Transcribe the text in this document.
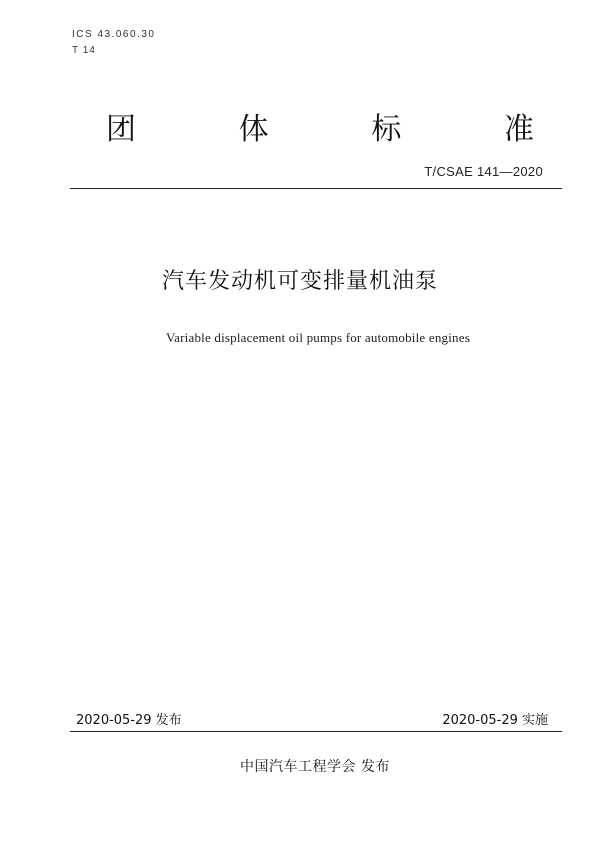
ICS 43.060.30
T 14
团	体	标	准
T/CSAE 141—2020
汽车发动机可变排量机油泵
Variable displacement oil pumps for automobile engines
2020-05-29 发布	2020-05-29 实施
中国汽车工程学会 发布
